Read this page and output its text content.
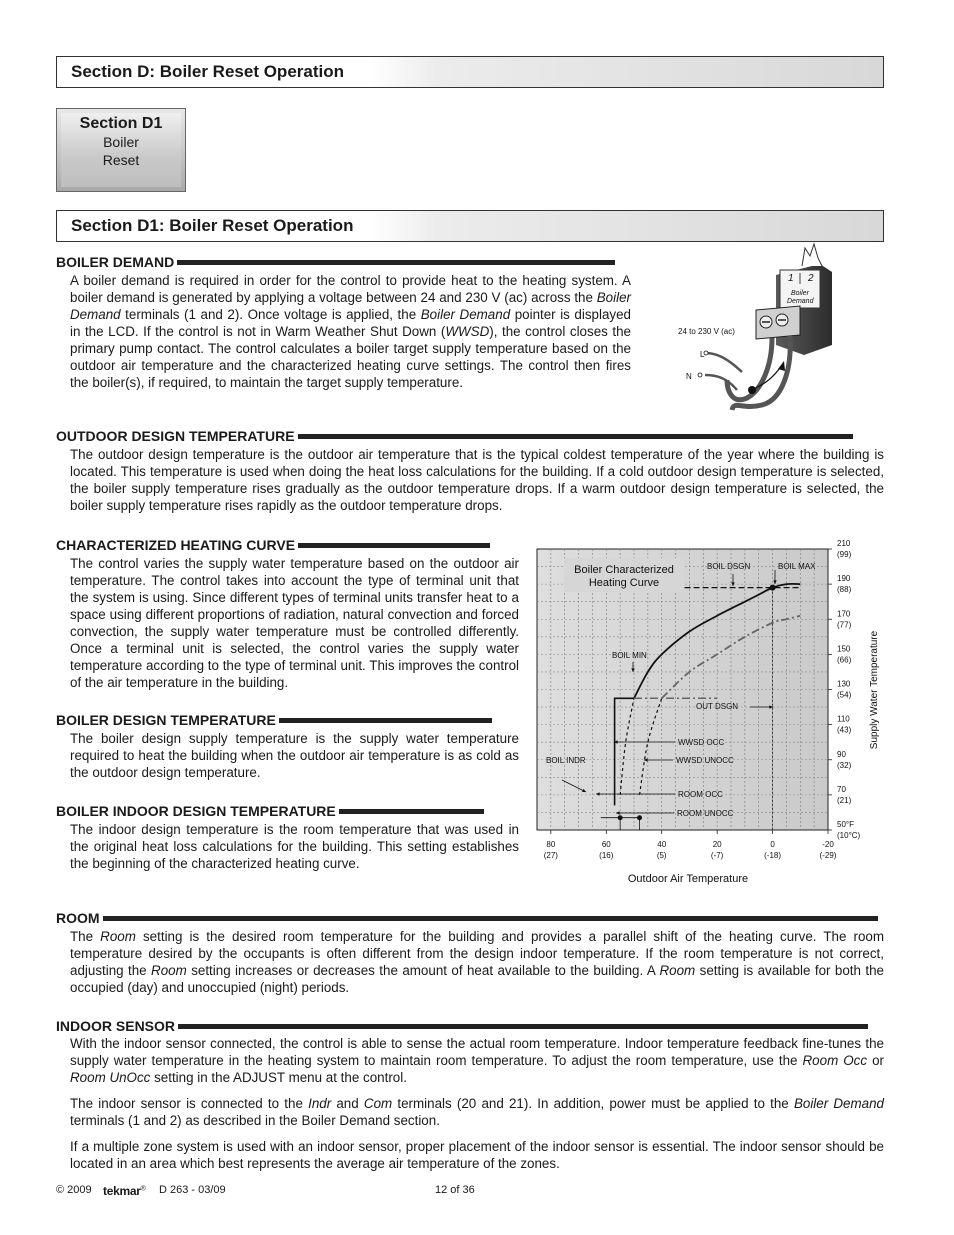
Section D: Boiler Reset Operation
Section D1
Boiler
Reset
Section D1: Boiler Reset Operation
BOILER DEMAND
A boiler demand is required in order for the control to provide heat to the heating system. A boiler demand is generated by applying a voltage between 24 and 230 V (ac) across the Boiler Demand terminals (1 and 2). Once voltage is applied, the Boiler Demand pointer is displayed in the LCD. If the control is not in Warm Weather Shut Down (WWSD), the control closes the primary pump contact. The control calculates a boiler target supply temperature based on the outdoor air temperature and the characterized heating curve settings. The control then fires the boiler(s), if required, to maintain the target supply temperature.
1 2
Boiler
Demand
24 to 230 V (ac)
L
N
OUTDOOR DESIGN TEMPERATURE
The outdoor design temperature is the outdoor air temperature that is the typical coldest temperature of the year where the building is located. This temperature is used when doing the heat loss calculations for the building. If a cold outdoor design temperature is selected, the boiler supply temperature rises gradually as the outdoor temperature drops. If a warm outdoor design temperature is selected, the boiler supply temperature rises rapidly as the outdoor temperature drops.
CHARACTERIZED HEATING CURVE
The control varies the supply water temperature based on the outdoor air temperature. The control takes into account the type of terminal unit that the system is using. Since different types of terminal units transfer heat to a space using different proportions of radiation, natural convection and forced convection, the supply water temperature must be controlled differently. Once a terminal unit is selected, the control varies the supply water temperature according to the type of terminal unit. This improves the control of the air temperature in the building.
BOILER DESIGN TEMPERATURE
The boiler design supply temperature is the supply water temperature required to heat the building when the outdoor air temperature is as cold as the outdoor design temperature.
BOILER INDOOR DESIGN TEMPERATURE
The indoor design temperature is the room temperature that was used in the original heat loss calculations for the building. This setting establishes the beginning of the characterized heating curve.
BOIL DSGN	BOIL MAX
BOIL MIN
OUT DSGN
WWSD OCC
WWSD UNOCC
BOIL INDR
ROOM OCC
ROOM UNOCC
80
(27)
60
(16)
40
(5)
20
(-7)
0
(-18)
-20
(-29)
210
(99)
190
(88)
170
(77)
150
(66)
130
(54)
110
(43)
90
(32)
70
(21)
50°F
(10°C)
Boiler Characterized
Heating Curve
Outdoor Air Temperature
Supply Water Temperature
ROOM
The Room setting is the desired room temperature for the building and provides a parallel shift of the heating curve. The room temperature desired by the occupants is often different from the design indoor temperature. If the room temperature is not correct, adjusting the Room setting increases or decreases the amount of heat available to the building. A Room setting is available for both the occupied (day) and unoccupied (night) periods.
INDOOR SENSOR
With the indoor sensor connected, the control is able to sense the actual room temperature. Indoor temperature feedback fine-tunes the supply water temperature in the heating system to maintain room temperature. To adjust the room temperature, use the Room Occ or Room UnOcc setting in the ADJUST menu at the control.
The indoor sensor is connected to the Indr and Com terminals (20 and 21). In addition, power must be applied to the Boiler Demand terminals (1 and 2) as described in the Boiler Demand section.
If a multiple zone system is used with an indoor sensor, proper placement of the indoor sensor is essential. The indoor sensor should be located in an area which best represents the average air temperature of the zones.
© 2009 tekmar® D 263 - 03/09	12 of 36
